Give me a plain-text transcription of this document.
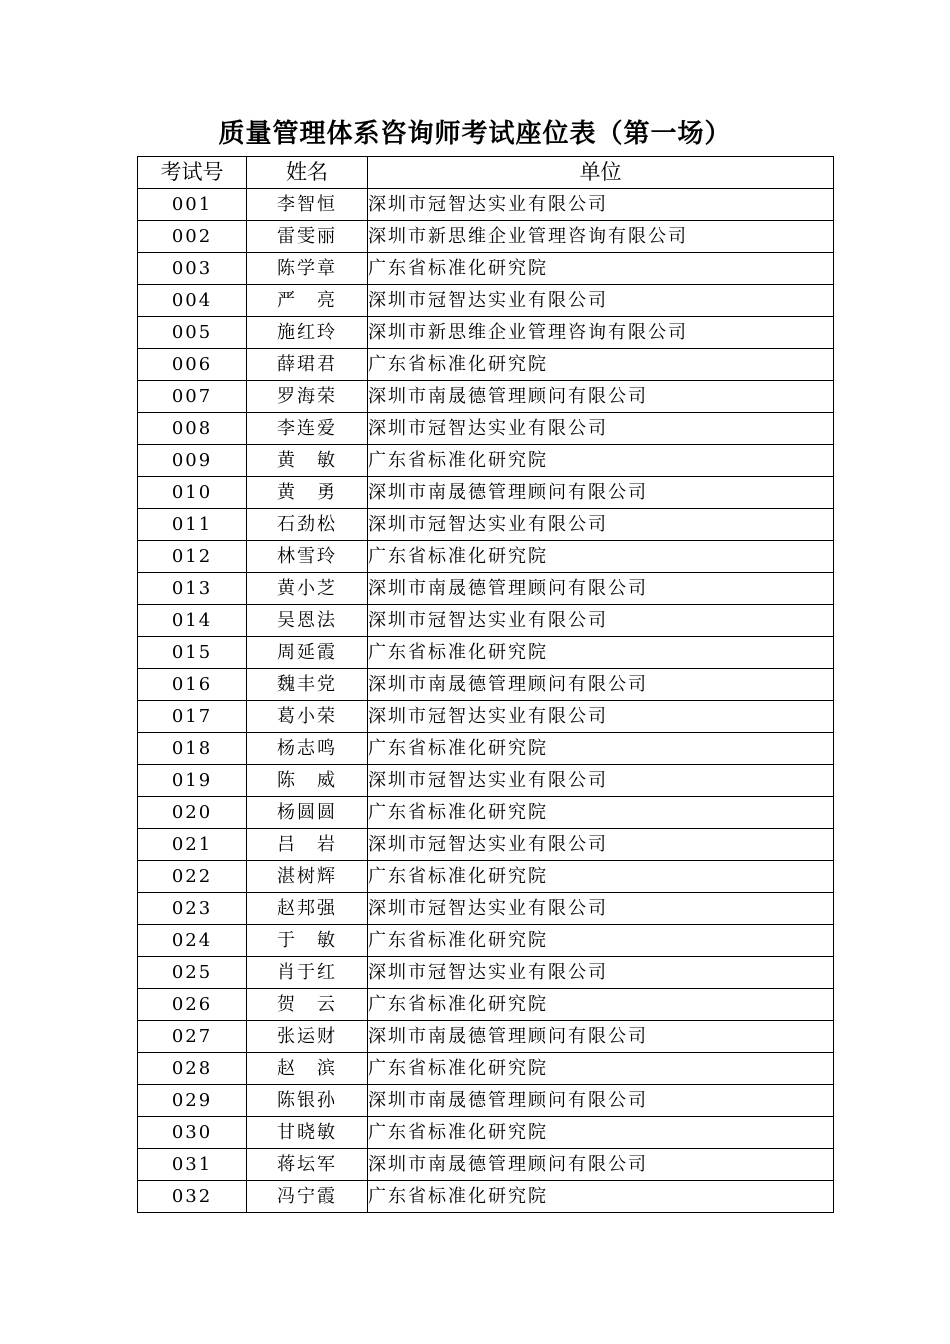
质量管理体系咨询师考试座位表（第一场）
考试号	姓名	单位
001	李智恒	深圳市冠智达实业有限公司
002	雷雯丽	深圳市新思维企业管理咨询有限公司
003	陈学章	广东省标准化研究院
004	严　亮	深圳市冠智达实业有限公司
005	施红玲	深圳市新思维企业管理咨询有限公司
006	薛珺君	广东省标准化研究院
007	罗海荣	深圳市南晟德管理顾问有限公司
008	李连爱	深圳市冠智达实业有限公司
009	黄　敏	广东省标准化研究院
010	黄　勇	深圳市南晟德管理顾问有限公司
011	石劲松	深圳市冠智达实业有限公司
012	林雪玲	广东省标准化研究院
013	黄小芝	深圳市南晟德管理顾问有限公司
014	吴恩法	深圳市冠智达实业有限公司
015	周延霞	广东省标准化研究院
016	魏丰党	深圳市南晟德管理顾问有限公司
017	葛小荣	深圳市冠智达实业有限公司
018	杨志鸣	广东省标准化研究院
019	陈　威	深圳市冠智达实业有限公司
020	杨圆圆	广东省标准化研究院
021	吕　岩	深圳市冠智达实业有限公司
022	湛树辉	广东省标准化研究院
023	赵邦强	深圳市冠智达实业有限公司
024	于　敏	广东省标准化研究院
025	肖于红	深圳市冠智达实业有限公司
026	贺　云	广东省标准化研究院
027	张运财	深圳市南晟德管理顾问有限公司
028	赵　滨	广东省标准化研究院
029	陈银孙	深圳市南晟德管理顾问有限公司
030	甘晓敏	广东省标准化研究院
031	蒋坛军	深圳市南晟德管理顾问有限公司
032	冯宁霞	广东省标准化研究院
